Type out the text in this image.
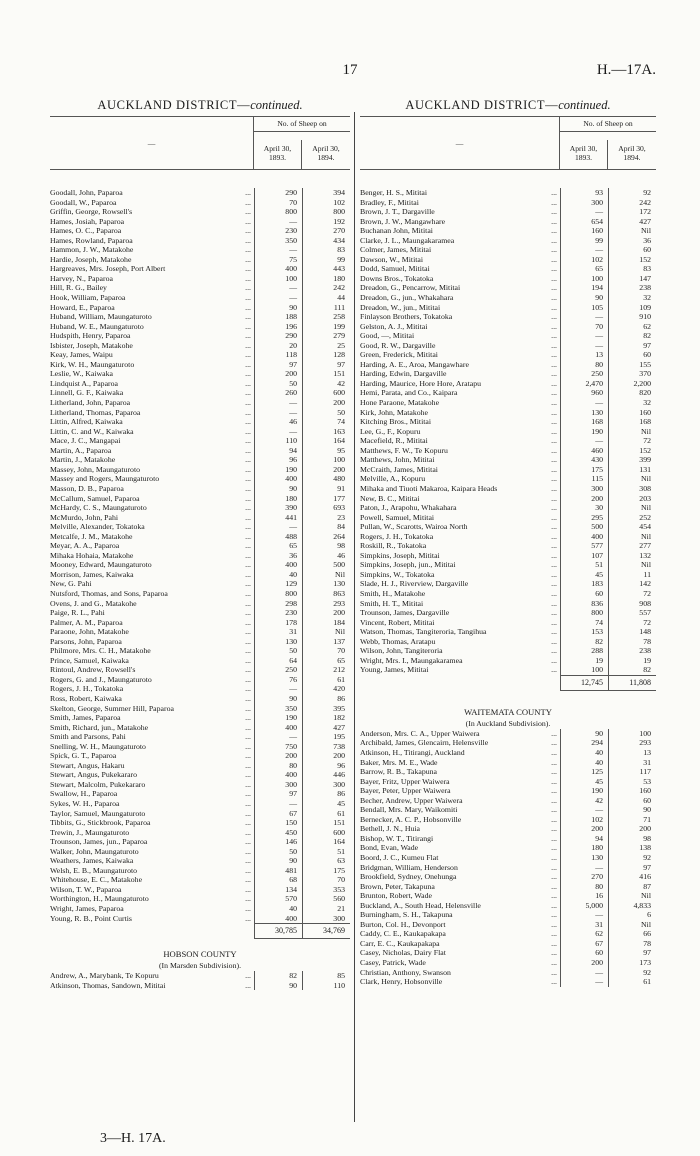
17	H.—17A.
AUCKLAND DISTRICT—continued.
—
No. of Sheep on
April 30,
1893.
April 30,
1894.
Goodall, John, Paparoa	...	290	394
Goodall, W., Paparoa	...	70	102
Griffin, George, Rowsell's	...	800	800
Hames, Josiah, Paparoa	...	—	192
Hames, O. C., Paparoa	...	230	270
Hames, Rowland, Paparoa	...	350	434
Hammon, J. W., Matakohe	...	—	83
Hardie, Joseph, Matakohe	...	75	99
Hargreaves, Mrs. Joseph, Port Albert	...	400	443
Harvey, N., Paparoa	...	100	180
Hill, R. G., Bailey	...	—	242
Hook, William, Paparoa	...	—	44
Howard, E., Paparoa	...	90	111
Huband, William, Maungaturoto	...	188	258
Huband, W. E., Maungaturoto	...	196	199
Hudspith, Henry, Paparoa	...	290	279
Isbister, Joseph, Matakohe	...	20	25
Keay, James, Waipu	...	118	128
Kirk, W. H., Maungaturoto	...	97	97
Leslie, W., Kaiwaka	...	200	151
Lindquist A., Paparoa	...	50	42
Linnell, G. F., Kaiwaka	...	260	600
Litherland, John, Paparoa	...	—	200
Litherland, Thomas, Paparoa	...	—	50
Littin, Alfred, Kaiwaka	...	46	74
Littin, C. and W., Kaiwaka	...	—	163
Mace, J. C., Mangapai	...	110	164
Martin, A., Paparoa	...	94	95
Martin, J., Matakohe	...	96	100
Massey, John, Maungaturoto	...	190	200
Massey and Rogers, Maungaturoto	...	400	480
Masson, D. B., Paparoa	...	90	91
McCallum, Samuel, Paparoa	...	180	177
McHardy, C. S., Maungaturoto	...	390	693
McMurdo, John, Pahi	...	441	23
Melville, Alexander, Tokatoka	...	—	84
Metcalfe, J. M., Matakohe	...	488	264
Meyar, A. A., Paparoa	...	65	98
Mihaka Hohaia, Matakohe	...	36	46
Mooney, Edward, Maungaturoto	...	400	500
Morrison, James, Kaiwaka	...	40	Nil
New, G. Pahi	...	129	130
Nutsford, Thomas, and Sons, Paparoa	...	800	863
Ovens, J. and G., Matakohe	...	298	293
Paige, R. L., Pahi	...	230	200
Palmer, A. M., Paparoa	...	178	184
Paraone, John, Matakohe	...	31	Nil
Parsons, John, Paparoa	...	130	137
Philmore, Mrs. C. H., Matakohe	...	50	70
Prince, Samuel, Kaiwaka	...	64	65
Rintoul, Andrew, Rowsell's	...	250	212
Rogers, G. and J., Maungaturoto	...	76	61
Rogers, J. H., Tokatoka	...	—	420
Ross, Robert, Kaiwaka	...	90	86
Skelton, George, Summer Hill, Paparoa	...	350	395
Smith, James, Paparoa	...	190	182
Smith, Richard, jun., Matakohe	...	400	427
Smith and Parsons, Pahi	...	—	195
Snelling, W. H., Maungaturoto	...	750	738
Spick, G. T., Paparoa	...	200	200
Stewart, Angus, Hakaru	...	80	96
Stewart, Angus, Pukekararo	...	400	446
Stewart, Malcolm, Pukekararo	...	300	300
Swallow, H., Paparoa	...	97	86
Sykes, W. H., Paparoa	...	—	45
Taylor, Samuel, Maungaturoto	...	67	61
Tibbits, G., Stickbrook, Paparoa	...	150	151
Trewin, J., Maungaturoto	...	450	600
Trounson, James, jun., Paparoa	...	146	164
Walker, John, Maungaturoto	...	50	51
Weathers, James, Kaiwaka	...	90	63
Welsh, E. B., Maungaturoto	...	481	175
Whitehouse, E. C., Matakohe	...	68	70
Wilson, T. W., Paparoa	...	134	353
Worthington, H., Maungaturoto	...	570	560
Wright, James, Paparoa	...	40	21
Young, R. B., Point Curtis	...	400	300
30,785	34,769
HOBSON COUNTY
(In Marsden Subdivision).
Andrew, A., Marybank, Te Kopuru	...	82	85
Atkinson, Thomas, Sandown, Mititai	...	90	110
AUCKLAND DISTRICT—continued.
—
No. of Sheep on
April 30,
1893.
April 30,
1894.
Benger, H. S., Mititai	...	93	92
Bradley, F., Mititai	...	300	242
Brown, J. T., Dargaville	...	—	172
Brown, J. W., Mangawhare	...	654	427
Buchanan John, Mititai	...	160	Nil
Clarke, J. L., Maungakaramea	...	99	36
Colmer, James, Mititai	...	—	60
Dawson, W., Mititai	...	102	152
Dodd, Samuel, Mititai	...	65	83
Downs Bros., Tokatoka	...	100	147
Dreadon, G., Pencarrow, Mititai	...	194	238
Dreadon, G., jun., Whakahara	...	90	32
Dreadon, W., jun., Mititai	...	105	109
Finlayson Brothers, Tokatoka	...	—	910
Gelston, A. J., Mititai	...	70	62
Good, —, Mititai	...	—	82
Good, R. W., Dargaville	...	—	97
Green, Frederick, Mititai	...	13	60
Harding, A. E., Aroa, Mangawhare	...	80	155
Harding, Edwin, Dargaville	...	250	370
Harding, Maurice, Hore Hore, Aratapu	...	2,470	2,200
Hemi, Parata, and Co., Kaipara	...	960	820
Hone Paraone, Matakohe	...	—	32
Kirk, John, Matakohe	...	130	160
Kitching Bros., Mititai	...	168	168
Lee, G., F., Kopuru	...	190	Nil
Macefield, R., Mititai	...	—	72
Matthews, F. W., Te Kopuru	...	460	152
Matthews, John, Mititai	...	430	399
McCraith, James, Mititai	...	175	131
Melville, A., Kopuru	...	115	Nil
Mihaka and Tiuoti Makaroa, Kaipara Heads	...	300	308
New, B. C., Mititai	...	200	203
Paton, J., Arapohu, Whakahara	...	30	Nil
Powell, Samuel, Mititai	...	295	252
Pullan, W., Scarotts, Wairoa North	...	500	454
Rogers, J. H., Tokatoka	...	400	Nil
Roskill, R., Tokatoka	...	577	277
Simpkins, Joseph, Mititai	...	107	132
Simpkins, Joseph, jun., Mititai	...	51	Nil
Simpkins, W., Tokatoka	...	45	11
Slade, H. J., Riverview, Dargaville	...	183	142
Smith, H., Matakohe	...	60	72
Smith, H. T., Mititai	...	836	908
Trounson, James, Dargaville	...	800	557
Vincent, Robert, Mititai	...	74	72
Watson, Thomas, Tangiteroria, Tangihua	...	153	148
Webb, Thomas, Aratapu	...	82	78
Wilson, John, Tangiteroria	...	288	238
Wright, Mrs. I., Maungakaramea	...	19	19
Young, James, Mititai	...	100	82
12,745	11,808
WAITEMATA COUNTY
(In Auckland Subdivision).
Anderson, Mrs. C. A., Upper Waiwera	...	90	100
Archibald, James, Glencairn, Helensville	...	294	293
Atkinson, H., Titirangi, Auckland	...	40	13
Baker, Mrs. M. E., Wade	...	40	31
Barrow, R. B., Takapuna	...	125	117
Bayer, Fritz, Upper Waiwera	...	45	53
Bayer, Peter, Upper Waiwera	...	190	160
Becher, Andrew, Upper Waiwera	...	42	60
Bendall, Mrs. Mary, Waikomiti	...	—	90
Bernecker, A. C. P., Hobsonville	...	102	71
Bethell, J. N., Huia	...	200	200
Bishop, W. T., Titirangi	...	94	98
Bond, Evan, Wade	...	180	138
Boord, J. C., Kumeu Flat	...	130	92
Bridgman, William, Henderson	...	—	97
Brookfield, Sydney, Onehunga	...	270	416
Brown, Peter, Takapuna	...	80	87
Brunton, Robert, Wade	...	16	Nil
Buckland, A., South Head, Helensville	...	5,000	4,833
Burningham, S. H., Takapuna	...	—	6
Burton, Col. H., Devonport	...	31	Nil
Caddy, C. E., Kaukapakapa	...	62	66
Carr, E. C., Kaukapakapa	...	67	78
Casey, Nicholas, Dairy Flat	...	60	97
Casey, Patrick, Wade	...	200	173
Christian, Anthony, Swanson	...	—	92
Clark, Henry, Hobsonville	...	—	61
3—H. 17A.
